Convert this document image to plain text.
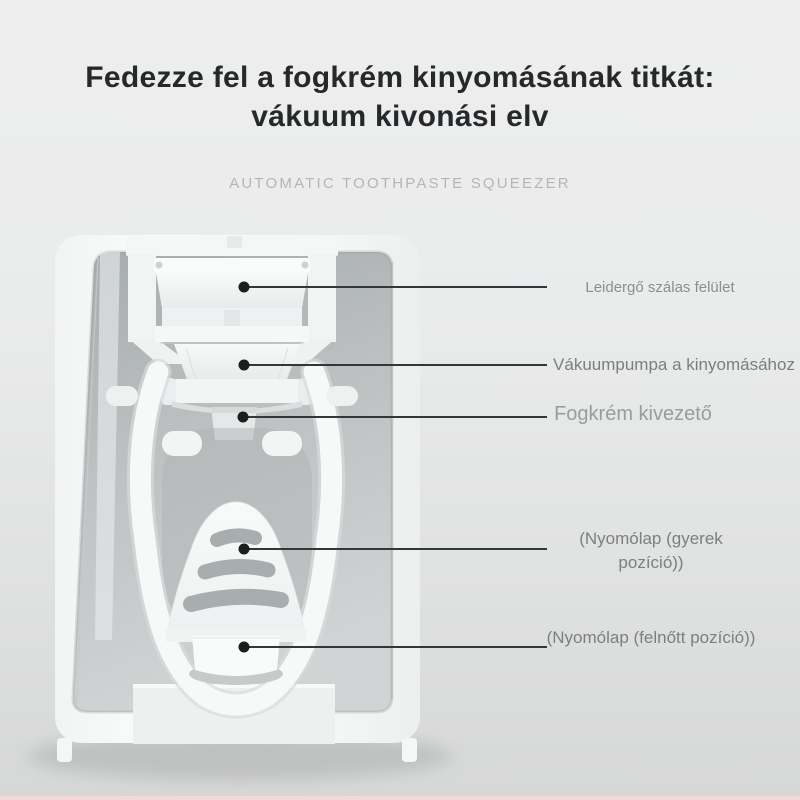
Fedezze fel a fogkrém kinyomásának titkát:
vákuum kivonási elv
AUTOMATIC TOOTHPASTE SQUEEZER
Leidergő szálas felület
Vákuumpumpa a kinyomásához
Fogkrém kivezető
(Nyomólap (gyerek pozíció))
(Nyomólap (felnőtt pozíció))
